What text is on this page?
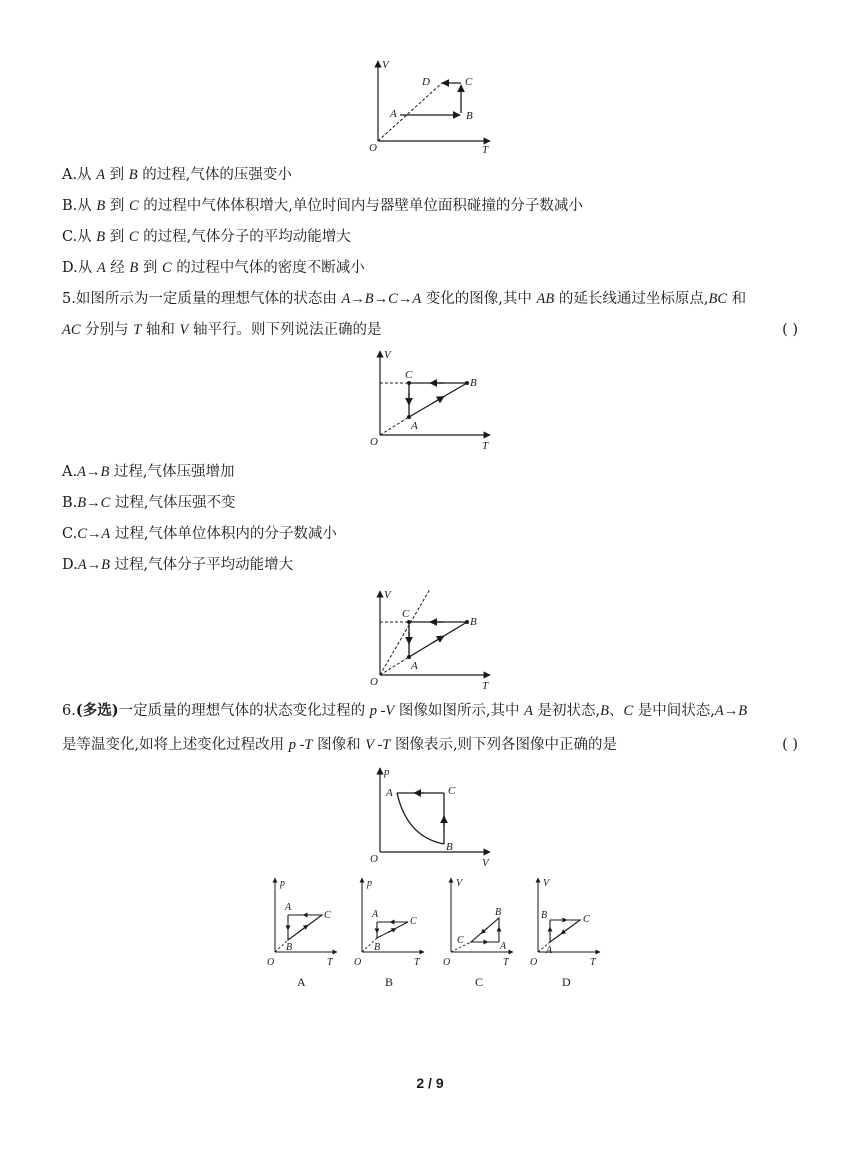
V
T
O
A	B
C
D
A.从 A 到 B 的过程,气体的压强变小
B.从 B 到 C 的过程中气体体积增大,单位时间内与器壁单位面积碰撞的分子数减小
C.从 B 到 C 的过程,气体分子的平均动能增大
D.从 A 经 B 到 C 的过程中气体的密度不断减小
5.如图所示为一定质量的理想气体的状态由 A→B→C→A 变化的图像,其中 AB 的延长线通过坐标原点,BC 和
AC 分别与 T 轴和 V 轴平行。则下列说法正确的是	( )
V
T
O
A
B
C
A.A→B 过程,气体压强增加
B.B→C 过程,气体压强不变
C.C→A 过程,气体单位体积内的分子数减小
D.A→B 过程,气体分子平均动能增大
V
T
O
A
B
C
6.(多选)一定质量的理想气体的状态变化过程的 p -V 图像如图所示,其中 A 是初状态,B、C 是中间状态,A→B
是等温变化,如将上述变化过程改用 p -T 图像和 V -T 图像表示,则下列各图像中正确的是	( )
p
V
O
A
B
C
p
T
O
A
B
C
A
p
T
O
A
B
C
B
V
T
O
A
B
C
C
V
T
O
A
B	C
D
2 / 9
